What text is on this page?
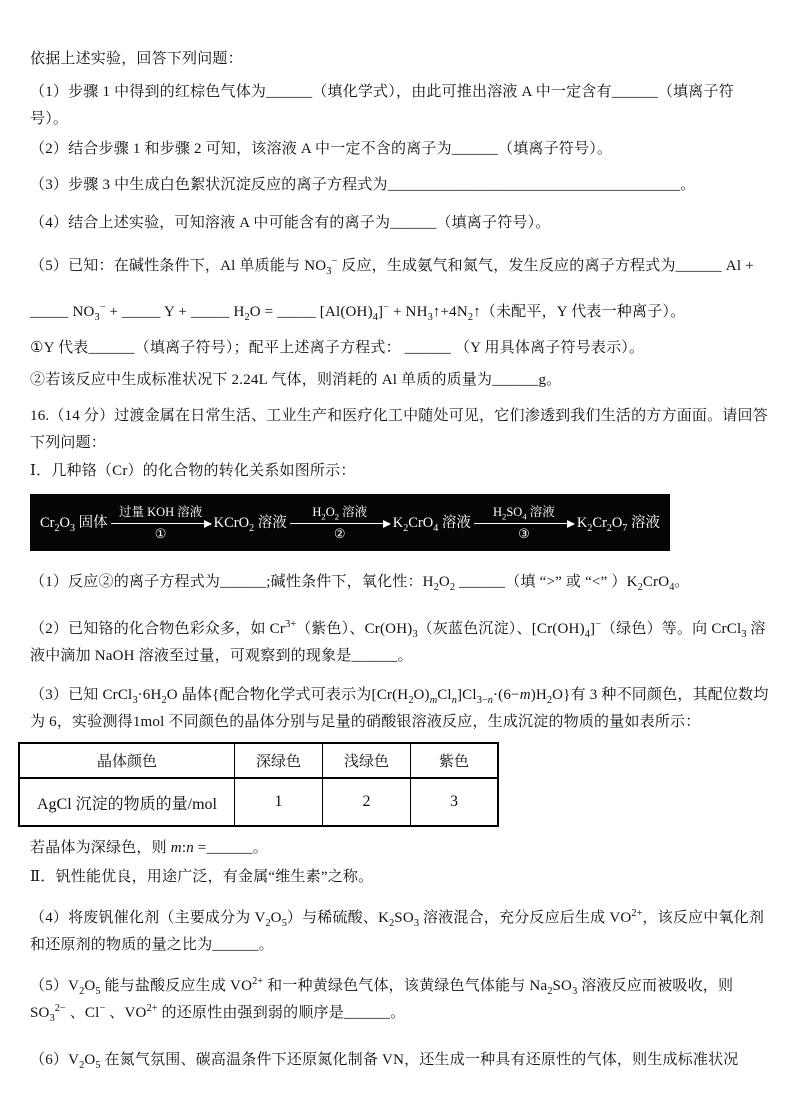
依据上述实验，回答下列问题：

（1）步骤 1 中得到的红棕色气体为______（填化学式），由此可推出溶液 A 中一定含有______（填离子符号）。

（2）结合步骤 1 和步骤 2 可知，该溶液 A 中一定不含的离子为______（填离子符号）。

（3）步骤 3 中生成白色絮状沉淀反应的离子方程式为______________________________________。

（4）结合上述实验，可知溶液 A 中可能含有的离子为______（填离子符号）。

（5）已知：在碱性条件下，Al 单质能与 $NO_3^-$ 反应，生成氨气和氮气，发生反应的离子方程式为______ Al +

_____ $NO_3^-$ + _____ Y + _____ $H_2O$ = _____ $[Al(OH)_4]^-$ + $NH_3↑+4N_2↑$（未配平，Y 代表一种离子）。

①Y 代表______（填离子符号）；配平上述离子方程式： ______ （Y 用具体离子符号表示）。

②若该反应中生成标准状况下 2.24L 气体，则消耗的 Al 单质的质量为______g。

16.（14 分）过渡金属在日常生活、工业生产和医疗化工中随处可见，它们渗透到我们生活的方方面面。请回答下列问题：

Ⅰ．几种铬（Cr）的化合物的转化关系如图所示：

$Cr_2O_3$ 固体
过量 KOH 溶液
①
KCrO$_2$ 溶液
$H_2O_2$ 溶液
②
$K_2CrO_4$ 溶液
$H_2SO_4$ 溶液
③
$K_2Cr_2O_7$ 溶液

（1）反应②的离子方程式为______;碱性条件下，氧化性：$H_2O_2$ ______（填 “>” 或 “<” ）$K_2CrO_4$。

（2）已知铬的化合物色彩众多，如 $Cr^{3+}$（紫色）、$Cr(OH)_3$（灰蓝色沉淀）、$[Cr(OH)_4]^-$（绿色）等。向 CrCl$_3$ 溶液中滴加 NaOH 溶液至过量，可观察到的现象是______。

（3）已知 $CrCl_3\cdot 6H_2O$ 晶体{配合物化学式可表示为$[Cr(H_2O)_mCl_n]Cl_{3-n}\cdot(6-m)H_2O$}有 3 种不同颜色，其配位数均为 6，实验测得1mol 不同颜色的晶体分别与足量的硝酸银溶液反应，生成沉淀的物质的量如表所示：

晶体颜色	深绿色	浅绿色	紫色
AgCl 沉淀的物质的量/mol	1	2	3

若晶体为深绿色，则 m:n =______。

Ⅱ．钒性能优良，用途广泛，有金属“维生素”之称。

（4）将废钒催化剂（主要成分为 $V_2O_5$）与稀硫酸、$K_2SO_3$ 溶液混合，充分反应后生成 $VO^{2+}$，该反应中氧化剂和还原剂的物质的量之比为______。

$(5)V_2O_5$ 能与盐酸反应生成 $VO^{2+}$ 和一种黄绿色气体，该黄绿色气体能与 $Na_2SO_3$ 溶液反应而被吸收，则 $SO_3^{2-}$ 、Cl− 、$VO^{2+}$ 的还原性由强到弱的顺序是______。

$(6)V_2O_5$ 在氮气氛围、碳高温条件下还原氮化制备 VN，还生成一种具有还原性的气体，则生成标准状况
